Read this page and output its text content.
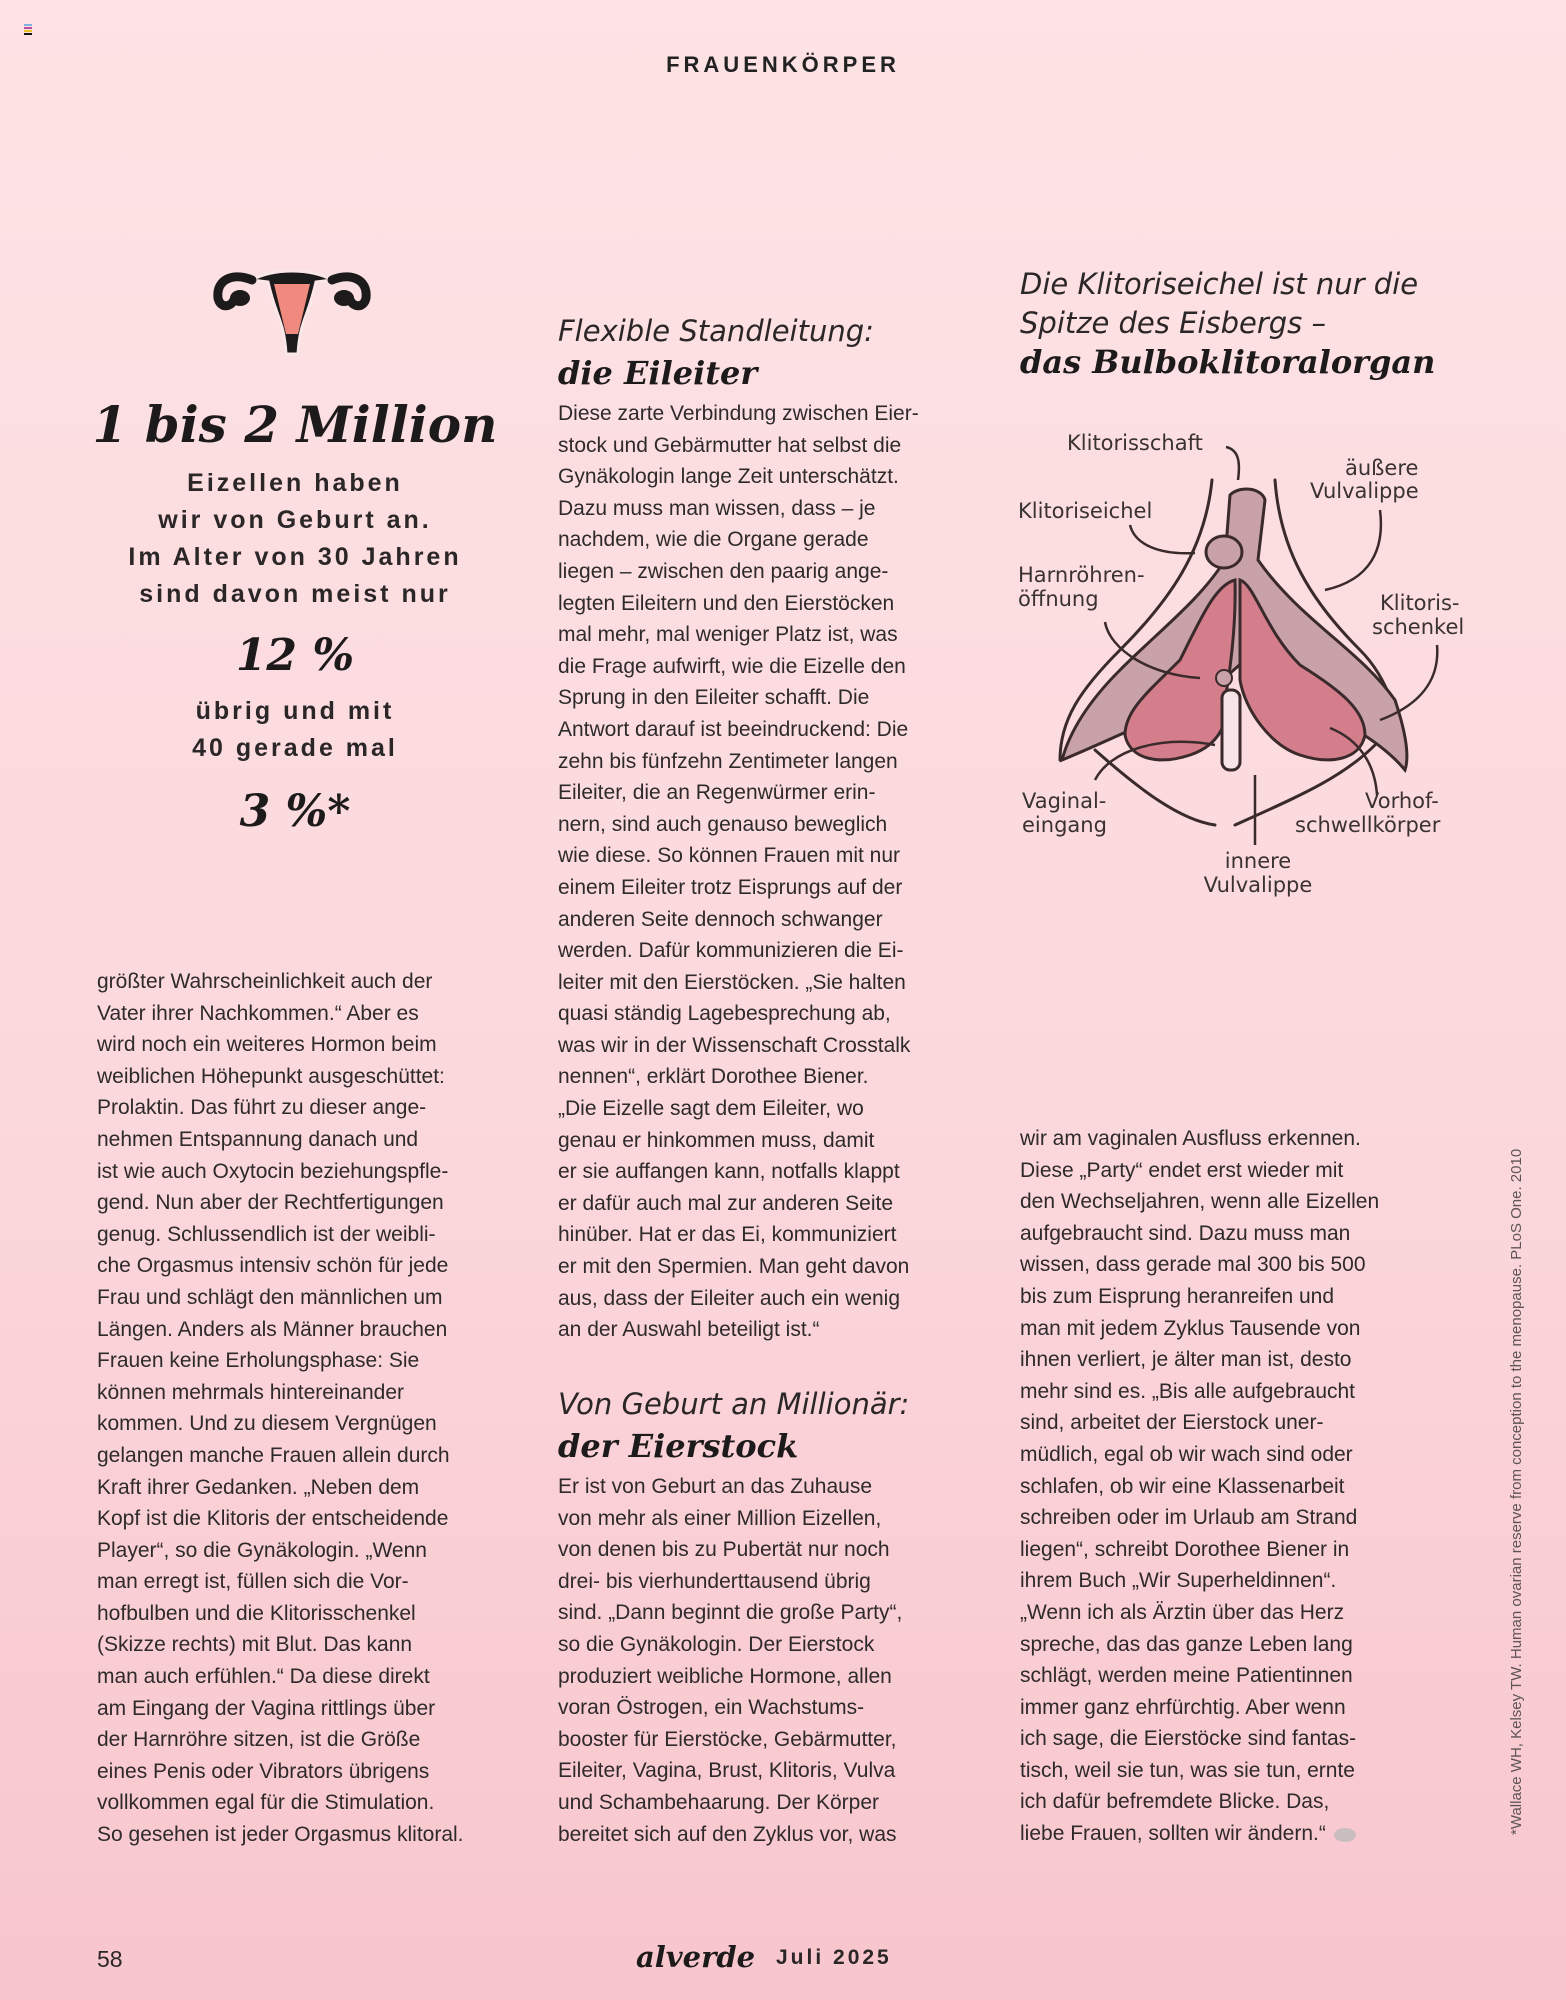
FRAUENKÖRPER
1 bis 2 Million
Eizellen haben
wir von Geburt an.
Im Alter von 30 Jahren
sind davon meist nur
12 %
übrig und mit
40 gerade mal
3 %*
größter Wahrscheinlichkeit auch der
Vater ihrer Nachkommen.“ Aber es
wird noch ein weiteres Hormon beim
weiblichen Höhepunkt ausgeschüttet:
Prolaktin. Das führt zu dieser ange-
nehmen Entspannung danach und
ist wie auch Oxytocin beziehungspfle-
gend. Nun aber der Rechtfertigungen
genug. Schlussendlich ist der weibli-
che Orgasmus intensiv schön für jede
Frau und schlägt den männlichen um
Längen. Anders als Männer brauchen
Frauen keine Erholungsphase: Sie
können mehrmals hintereinander
kommen. Und zu diesem Vergnügen
gelangen manche Frauen allein durch
Kraft ihrer Gedanken. „Neben dem
Kopf ist die Klitoris der entscheidende
Player“, so die Gynäkologin. „Wenn
man erregt ist, füllen sich die Vor-
hofbulben und die Klitorisschenkel
(Skizze rechts) mit Blut. Das kann
man auch erfühlen.“ Da diese direkt
am Eingang der Vagina rittlings über
der Harnröhre sitzen, ist die Größe
eines Penis oder Vibrators übrigens
vollkommen egal für die Stimulation.
So gesehen ist jeder Orgasmus klitoral.
Flexible Standleitung:
die Eileiter
Diese zarte Verbindung zwischen Eier-
stock und Gebärmutter hat selbst die
Gynäkologin lange Zeit unterschätzt.
Dazu muss man wissen, dass – je
nachdem, wie die Organe gerade
liegen – zwischen den paarig ange-
legten Eileitern und den Eierstöcken
mal mehr, mal weniger Platz ist, was
die Frage aufwirft, wie die Eizelle den
Sprung in den Eileiter schafft. Die
Antwort darauf ist beeindruckend: Die
zehn bis fünfzehn Zentimeter langen
Eileiter, die an Regenwürmer erin-
nern, sind auch genauso beweglich
wie diese. So können Frauen mit nur
einem Eileiter trotz Eisprungs auf der
anderen Seite dennoch schwanger
werden. Dafür kommunizieren die Ei-
leiter mit den Eierstöcken. „Sie halten
quasi ständig Lagebesprechung ab,
was wir in der Wissenschaft Crosstalk
nennen“, erklärt Dorothee Biener.
„Die Eizelle sagt dem Eileiter, wo
genau er hinkommen muss, damit
er sie auffangen kann, notfalls klappt
er dafür auch mal zur anderen Seite
hinüber. Hat er das Ei, kommuniziert
er mit den Spermien. Man geht davon
aus, dass der Eileiter auch ein wenig
an der Auswahl beteiligt ist.“
Von Geburt an Millionär:
der Eierstock
Er ist von Geburt an das Zuhause
von mehr als einer Million Eizellen,
von denen bis zu Pubertät nur noch
drei- bis vierhunderttausend übrig
sind. „Dann beginnt die große Party“,
so die Gynäkologin. Der Eierstock
produziert weibliche Hormone, allen
voran Östrogen, ein Wachstums-
booster für Eierstöcke, Gebärmutter,
Eileiter, Vagina, Brust, Klitoris, Vulva
und Schambehaarung. Der Körper
bereitet sich auf den Zyklus vor, was
Die Klitoriseichel ist nur die
Spitze des Eisbergs –
das Bulboklitoralorgan
Klitorisschaft
äußere
Vulvalippe
Klitoriseichel
Harnröhren-
öffnung	Klitoris-
schenkel
Vaginal-
eingang
Vorhof-
schwellkörper
innere
Vulvalippe
wir am vaginalen Ausfluss erkennen.
Diese „Party“ endet erst wieder mit
den Wechseljahren, wenn alle Eizellen
aufgebraucht sind. Dazu muss man
wissen, dass gerade mal 300 bis 500
bis zum Eisprung heranreifen und
man mit jedem Zyklus Tausende von
ihnen verliert, je älter man ist, desto
mehr sind es. „Bis alle aufgebraucht
sind, arbeitet der Eierstock uner-
müdlich, egal ob wir wach sind oder
schlafen, ob wir eine Klassenarbeit
schreiben oder im Urlaub am Strand
liegen“, schreibt Dorothee Biener in
ihrem Buch „Wir Superheldinnen“.
„Wenn ich als Ärztin über das Herz
spreche, das das ganze Leben lang
schlägt, werden meine Patientinnen
immer ganz ehrfürchtig. Aber wenn
ich sage, die Eierstöcke sind fantas-
tisch, weil sie tun, was sie tun, ernte
ich dafür befremdete Blicke. Das,
liebe Frauen, sollten wir ändern.“	*Wallace WH, Kelsey TW. Human ovarian reserve from conception to the menopause. PLoS One. 2010
58	alverde Juli 2025
